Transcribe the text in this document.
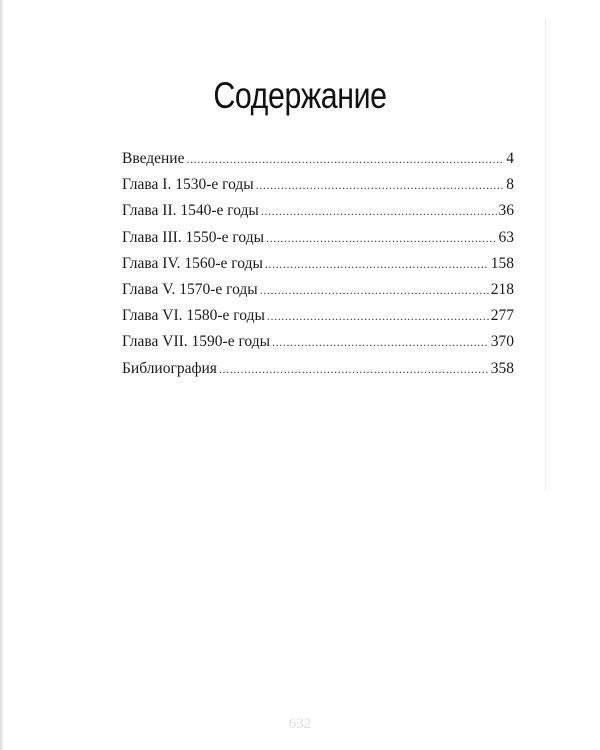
Содержание
Введение .....	4
Глава I. 1530-е годы .....	8
Глава II. 1540-е годы .....	36
Глава III. 1550-е годы .....	63
Глава IV. 1560-е годы .....	158
Глава V. 1570-е годы .....	218
Глава VI. 1580-е годы .....	277
Глава VII. 1590-е годы .....	370
Библиография .....	358
632
